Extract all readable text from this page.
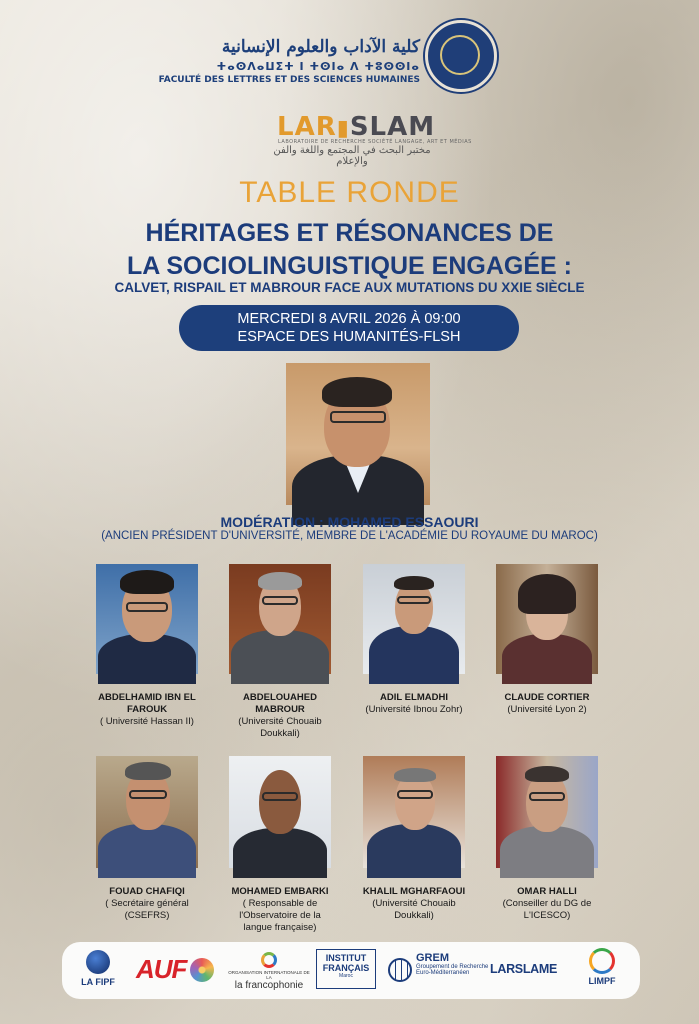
كلية الآداب والعلوم الإنسانية
ⵜⴰⵙⴷⴰⵡⵉⵜ ⵏ ⵜⵙⵏⴰ ⴷ ⵜⵓⵙⵙⵏⴰ
FACULTÉ DES LETTRES ET DES SCIENCES HUMAINES
LAR▮SLAM
LABORATOIRE DE RECHERCHE SOCIÉTÉ LANGAGE, ART ET MÉDIAS
مختبر البحث في المجتمع واللغة والفن والإعلام
TABLE RONDE
HÉRITAGES ET RÉSONANCES DE
LA SOCIOLINGUISTIQUE ENGAGÉE :
CALVET, RISPAIL ET MABROUR FACE AUX MUTATIONS DU XXIE SIÈCLE
MERCREDI 8 AVRIL 2026 À 09:00
ESPACE DES HUMANITÉS-FLSH
MODÉRATION : MOHAMED ESSAOURI
(ANCIEN PRÉSIDENT D'UNIVERSITÉ, MEMBRE DE L'ACADÉMIE DU ROYAUME DU MAROC)
ABDELHAMID IBN EL FAROUK
( Université Hassan II)
ABDELOUAHED MABROUR
(Université Chouaib Doukkali)
ADIL ELMADHI
(Université Ibnou Zohr)
CLAUDE CORTIER
(Université Lyon 2)
FOUAD CHAFIQI
( Secrétaire général (CSEFRS)
MOHAMED EMBARKI
( Responsable de l'Observatoire de la langue française)
KHALIL MGHARFAOUI
(Université Chouaib Doukkali)
OMAR HALLI
(Conseiller du DG de L'ICESCO)
LA FIPF AUF	ORGANISATION INTERNATIONALE DE LA
la francophonie
INSTITUT
FRANÇAIS
Maroc
GREM
Groupement de Recherche
Euro-Méditerranéen	LARSLAME
LIMPF
